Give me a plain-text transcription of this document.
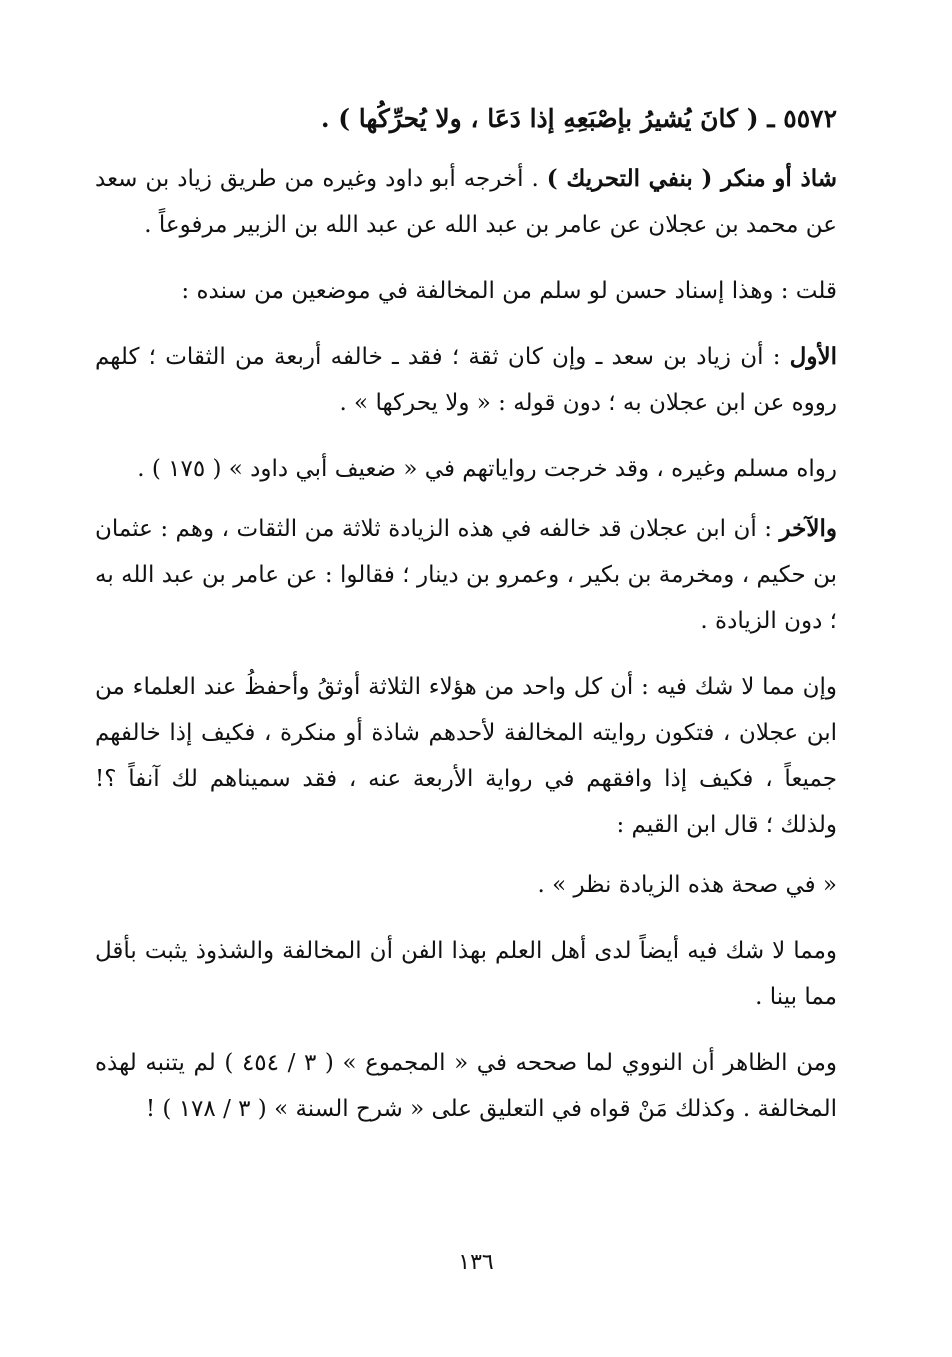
٥٥٧٢ ـ ( كانَ يُشيرُ بإصْبَعِهِ إذا دَعَا ، ولا يُحرِّكُها ) .

شاذ أو منكر ( بنفي التحريك ) . أخرجه أبو داود وغيره من طريق زياد بن سعد عن محمد بن عجلان عن عامر بن عبد الله عن عبد الله بن الزبير مرفوعاً .

قلت : وهذا إسناد حسن لو سلم من المخالفة في موضعين من سنده :

الأول : أن زياد بن سعد ـ وإن كان ثقة ؛ فقد ـ خالفه أربعة من الثقات ؛ كلهم رووه عن ابن عجلان به ؛ دون قوله : « ولا يحركها » .

رواه مسلم وغيره ، وقد خرجت رواياتهم في « ضعيف أبي داود » ( ١٧٥ ) .

والآخر : أن ابن عجلان قد خالفه في هذه الزيادة ثلاثة من الثقات ، وهم : عثمان بن حكيم ، ومخرمة بن بكير ، وعمرو بن دينار ؛ فقالوا : عن عامر بن عبد الله به ؛ دون الزيادة .

وإن مما لا شك فيه : أن كل واحد من هؤلاء الثلاثة أوثقُ وأحفظُ عند العلماء من ابن عجلان ، فتكون روايته المخالفة لأحدهم شاذة أو منكرة ، فكيف إذا خالفهم جميعاً ، فكيف إذا وافقهم في رواية الأربعة عنه ، فقد سميناهم لك آنفاً ؟! ولذلك ؛ قال ابن القيم :

« في صحة هذه الزيادة نظر » .

ومما لا شك فيه أيضاً لدى أهل العلم بهذا الفن أن المخالفة والشذوذ يثبت بأقل مما بينا .

ومن الظاهر أن النووي لما صححه في « المجموع » ( ٣ / ٤٥٤ ) لم يتنبه لهذه المخالفة . وكذلك مَنْ قواه في التعليق على « شرح السنة » ( ٣ / ١٧٨ ) !

١٣٦
